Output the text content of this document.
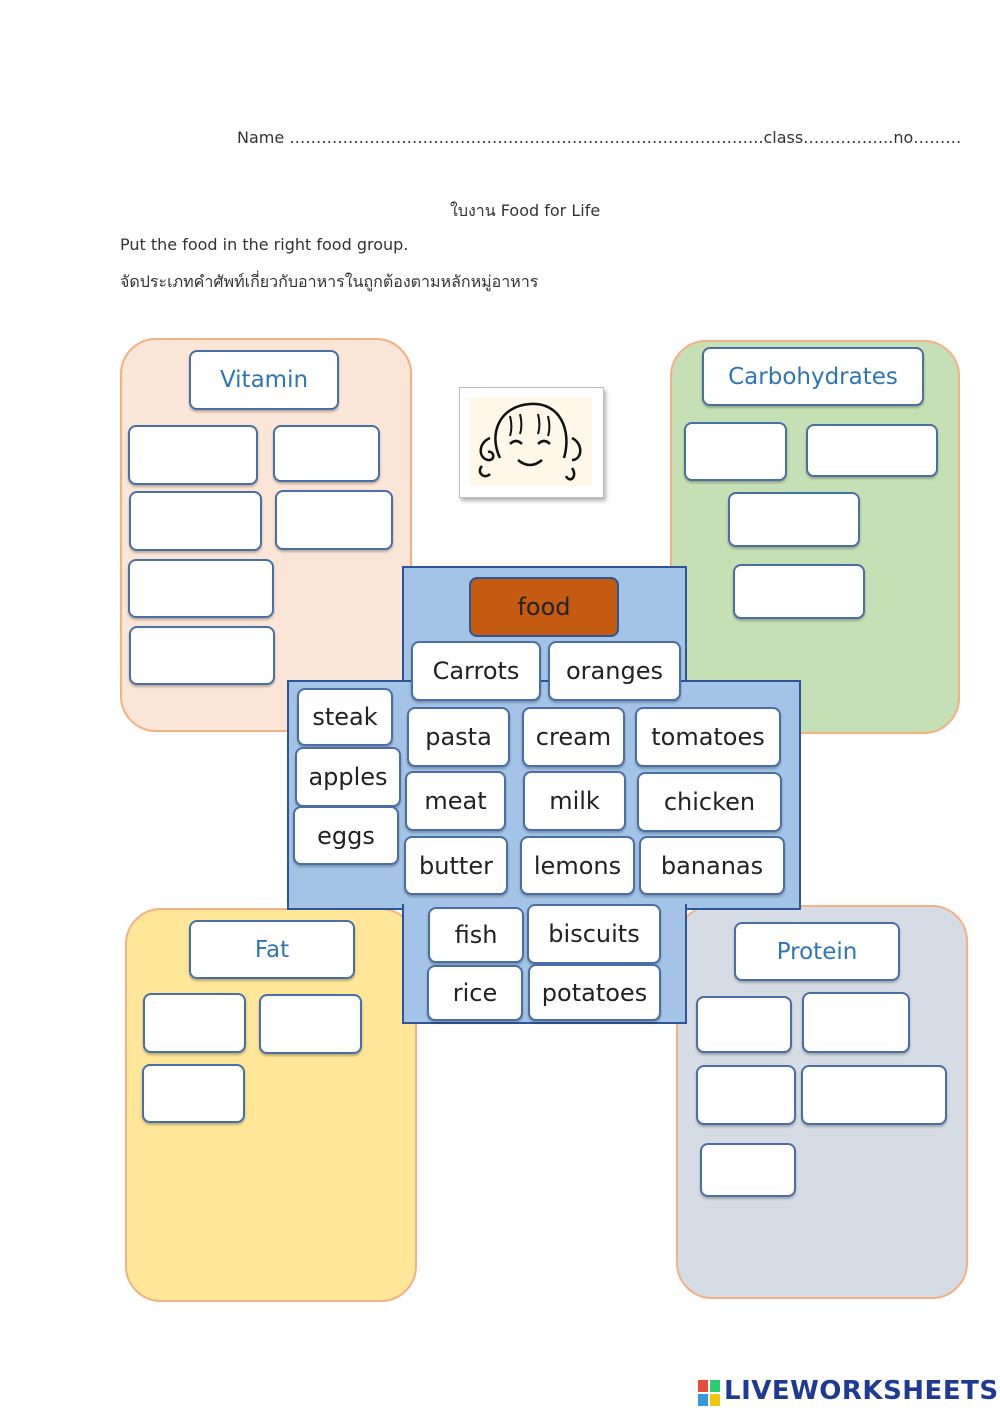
Name ……………………………………………………………………………..class……………..no………
ใบงาน Food for Life
Put the food in the right food group.
จัดประเภทคำศัพท์เกี่ยวกับอาหารในถูกต้องตามหลักหมู่อาหาร
Vitamin	Carbohydrates
Fat	Protein
food
Carrots	oranges
steak
pasta	cream	tomatoes
apples
meat	milk	chicken
eggs
butter	lemons	bananas
fish	biscuits
rice	potatoes
LIVEWORKSHEETS
